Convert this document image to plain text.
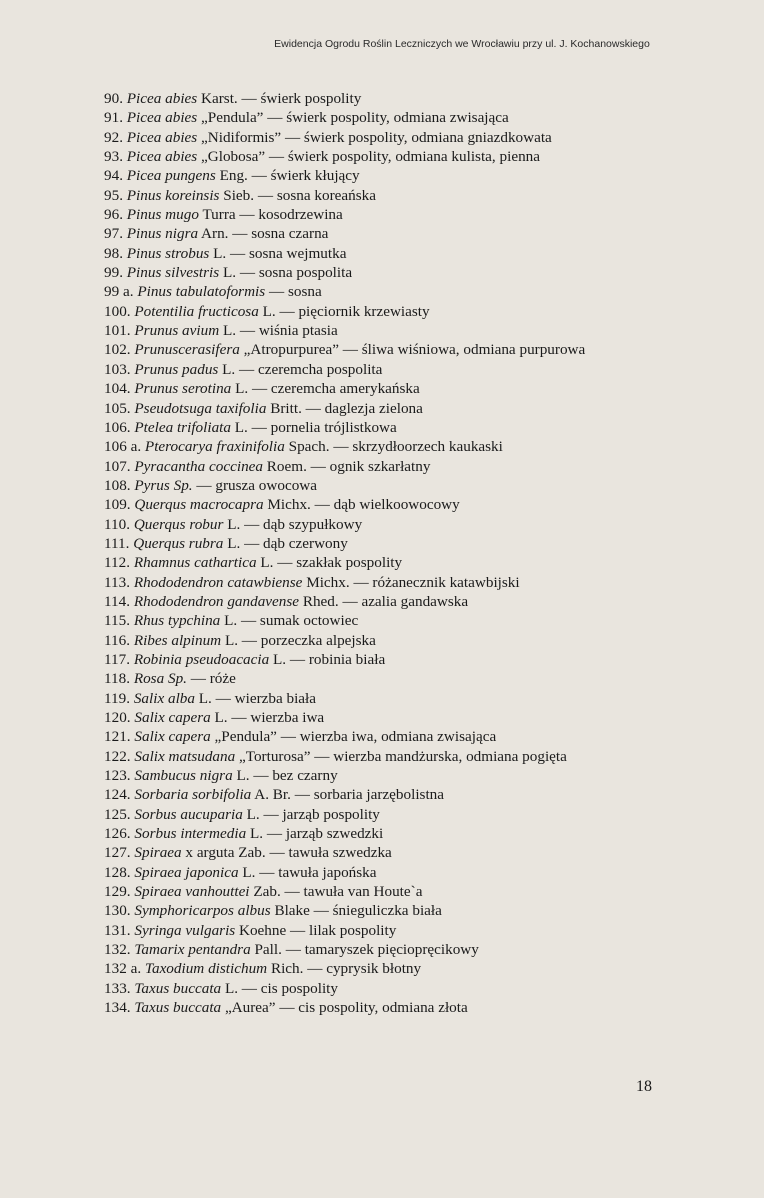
Ewidencja Ogrodu Roślin Leczniczych we Wrocławiu przy ul. J. Kochanowskiego
90. Picea abies Karst. — świerk pospolity
91. Picea abies „Pendula” — świerk pospolity, odmiana zwisająca
92. Picea abies „Nidiformis” — świerk pospolity, odmiana gniazdkowata
93. Picea abies „Globosa” — świerk pospolity, odmiana kulista, pienna
94. Picea pungens Eng. — świerk kłujący
95. Pinus koreinsis Sieb. — sosna koreańska
96. Pinus mugo Turra — kosodrzewina
97. Pinus nigra Arn. — sosna czarna
98. Pinus strobus L. — sosna wejmutka
99. Pinus silvestris L. — sosna pospolita
99 a. Pinus tabulatoformis — sosna
100. Potentilia fructicosa L. — pięciornik krzewiasty
101. Prunus avium L. — wiśnia ptasia
102. Prunuscerasifera „Atropurpurea” — śliwa wiśniowa, odmiana purpurowa
103. Prunus padus L. — czeremcha pospolita
104. Prunus serotina L. — czeremcha amerykańska
105. Pseudotsuga taxifolia Britt. — daglezja zielona
106. Ptelea trifoliata L. — pornelia trójlistkowa
106 a. Pterocarya fraxinifolia Spach. — skrzydłoorzech kaukaski
107. Pyracantha coccinea Roem. — ognik szkarłatny
108. Pyrus Sp. — grusza owocowa
109. Querqus macrocapra Michx. — dąb wielkoowocowy
110. Querqus robur L. — dąb szypułkowy
111. Querqus rubra L. — dąb czerwony
112. Rhamnus cathartica L. — szakłak pospolity
113. Rhododendron catawbiense Michx. — różanecznik katawbijski
114. Rhododendron gandavense Rhed. — azalia gandawska
115. Rhus typchina L. — sumak octowiec
116. Ribes alpinum L. — porzeczka alpejska
117. Robinia pseudoacacia L. — robinia biała
118. Rosa Sp. — róże
119. Salix alba L. — wierzba biała
120. Salix capera L. — wierzba iwa
121. Salix capera „Pendula” — wierzba iwa, odmiana zwisająca
122. Salix matsudana „Torturosa” — wierzba mandżurska, odmiana pogięta
123. Sambucus nigra L. — bez czarny
124. Sorbaria sorbifolia A. Br. — sorbaria jarzębolistna
125. Sorbus aucuparia L. — jarząb pospolity
126. Sorbus intermedia L. — jarząb szwedzki
127. Spiraea x arguta Zab. — tawuła szwedzka
128. Spiraea japonica L. — tawuła japońska
129. Spiraea vanhouttei Zab. — tawuła van Houte`a
130. Symphoricarpos albus Blake — śnieguliczka biała
131. Syringa vulgaris Koehne — lilak pospolity
132. Tamarix pentandra Pall. — tamaryszek pięciopręcikowy
132 a. Taxodium distichum Rich. — cyprysik błotny
133. Taxus buccata L. — cis pospolity
134. Taxus buccata „Aurea” — cis pospolity, odmiana złota
18
